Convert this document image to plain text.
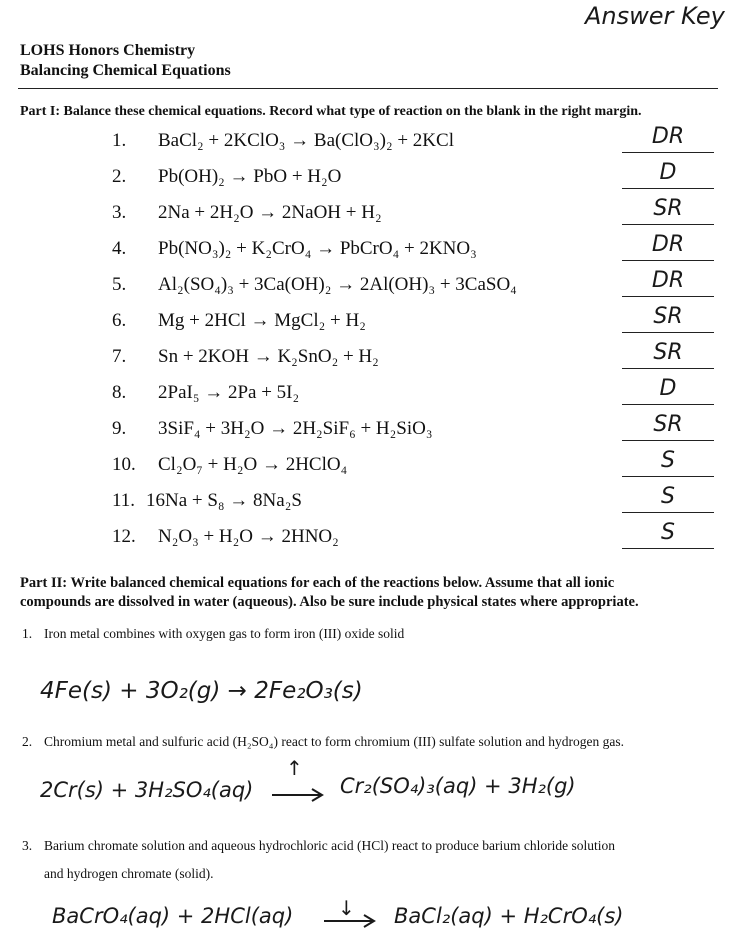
Answer Key
LOHS Honors Chemistry
Balancing Chemical Equations
Part I: Balance these chemical equations. Record what type of reaction on the blank in the right margin.
1. BaCl₂ + 2KClO₃ → Ba(ClO₃)₂ + 2KCl	DR
2. Pb(OH)₂ → PbO + H₂O	D
3. 2Na + 2H₂O → 2NaOH + H₂	SR
4. Pb(NO₃)₂ + K₂CrO₄ → PbCrO₄ + 2KNO₃	DR
5. Al₂(SO₄)₃ + 3Ca(OH)₂ → 2Al(OH)₃ + 3CaSO₄	DR
6. Mg + 2HCl → MgCl₂ + H₂	SR
7. Sn + 2KOH → K₂SnO₂ + H₂	SR
8. 2PaI₅ → 2Pa + 5I₂	D
9. 3SiF₄ + 3H₂O → 2H₂SiF₆ + H₂SiO₃	SR
10. Cl₂O₇ + H₂O → 2HClO₄	S
11. 16Na + S₈ → 8Na₂S	S
12. N₂O₃ + H₂O → 2HNO₂	S
Part II: Write balanced chemical equations for each of the reactions below. Assume that all ionic
compounds are dissolved in water (aqueous). Also be sure include physical states where appropriate.
1. Iron metal combines with oxygen gas to form iron (III) oxide solid
4Fe(s) + 3O₂(g) → 2Fe₂O₃(s)
2. Chromium metal and sulfuric acid (H₂SO₄) react to form chromium (III) sulfate solution and hydrogen gas.
2Cr(s) + 3H₂SO₄(aq)
↑
Cr₂(SO₄)₃(aq) + 3H₂(g)
3. Barium chromate solution and aqueous hydrochloric acid (HCl) react to produce barium chloride solution
and hydrogen chromate (solid).
BaCrO₄(aq) + 2HCl(aq) ↓ BaCl₂(aq) + H₂CrO₄(s)
